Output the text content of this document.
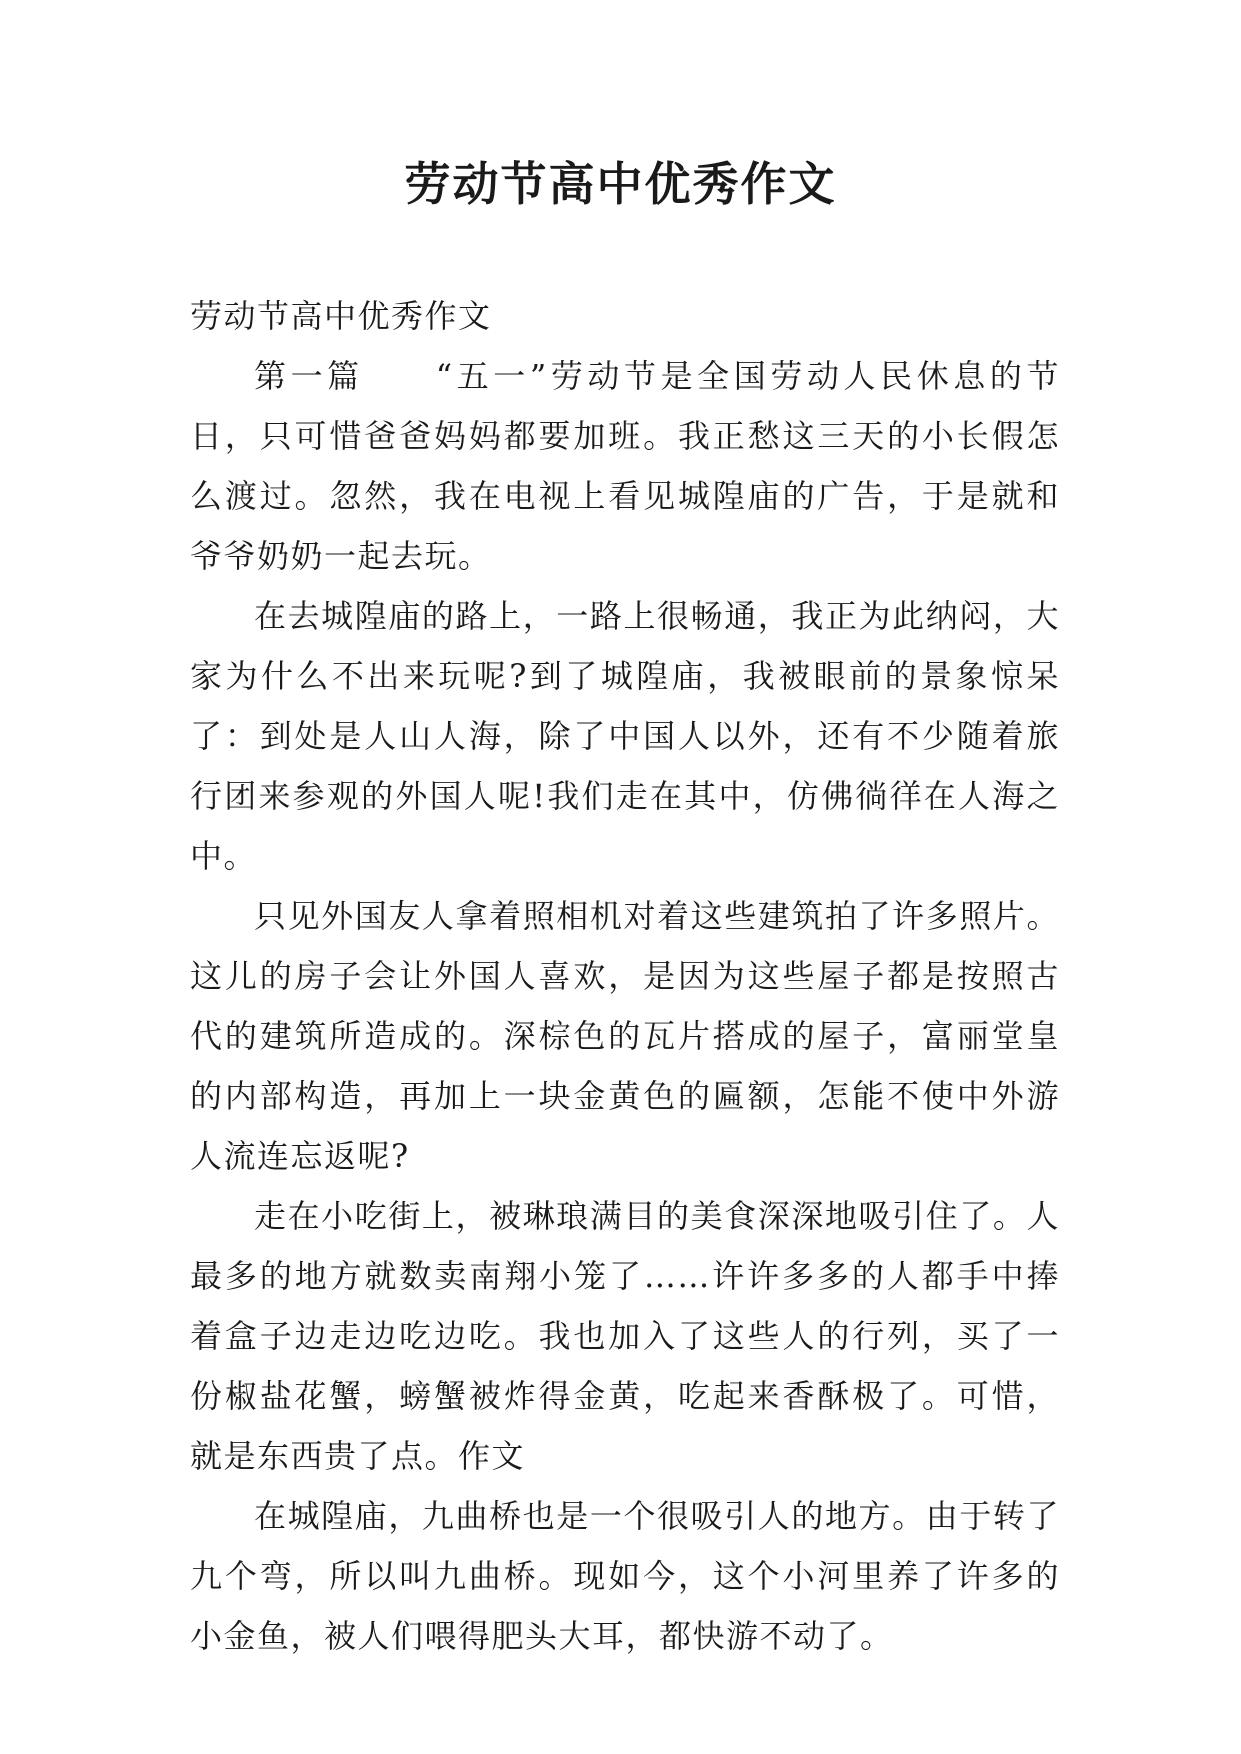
劳动节高中优秀作文

劳动节高中优秀作文

第一篇 “五一”劳动节是全国劳动人民休息的节日，只可惜爸爸妈妈都要加班。我正愁这三天的小长假怎么渡过。忽然，我在电视上看见城隍庙的广告，于是就和爷爷奶奶一起去玩。

在去城隍庙的路上，一路上很畅通，我正为此纳闷，大家为什么不出来玩呢?到了城隍庙，我被眼前的景象惊呆了：到处是人山人海，除了中国人以外，还有不少随着旅行团来参观的外国人呢!我们走在其中，仿佛徜徉在人海之中。

只见外国友人拿着照相机对着这些建筑拍了许多照片。这儿的房子会让外国人喜欢，是因为这些屋子都是按照古代的建筑所造成的。深棕色的瓦片搭成的屋子，富丽堂皇的内部构造，再加上一块金黄色的匾额，怎能不使中外游人流连忘返呢?

走在小吃街上，被琳琅满目的美食深深地吸引住了。人最多的地方就数卖南翔小笼了……许许多多的人都手中捧着盒子边走边吃边吃。我也加入了这些人的行列，买了一份椒盐花蟹，螃蟹被炸得金黄，吃起来香酥极了。可惜，就是东西贵了点。作文

在城隍庙，九曲桥也是一个很吸引人的地方。由于转了九个弯，所以叫九曲桥。现如今，这个小河里养了许多的小金鱼，被人们喂得肥头大耳，都快游不动了。
